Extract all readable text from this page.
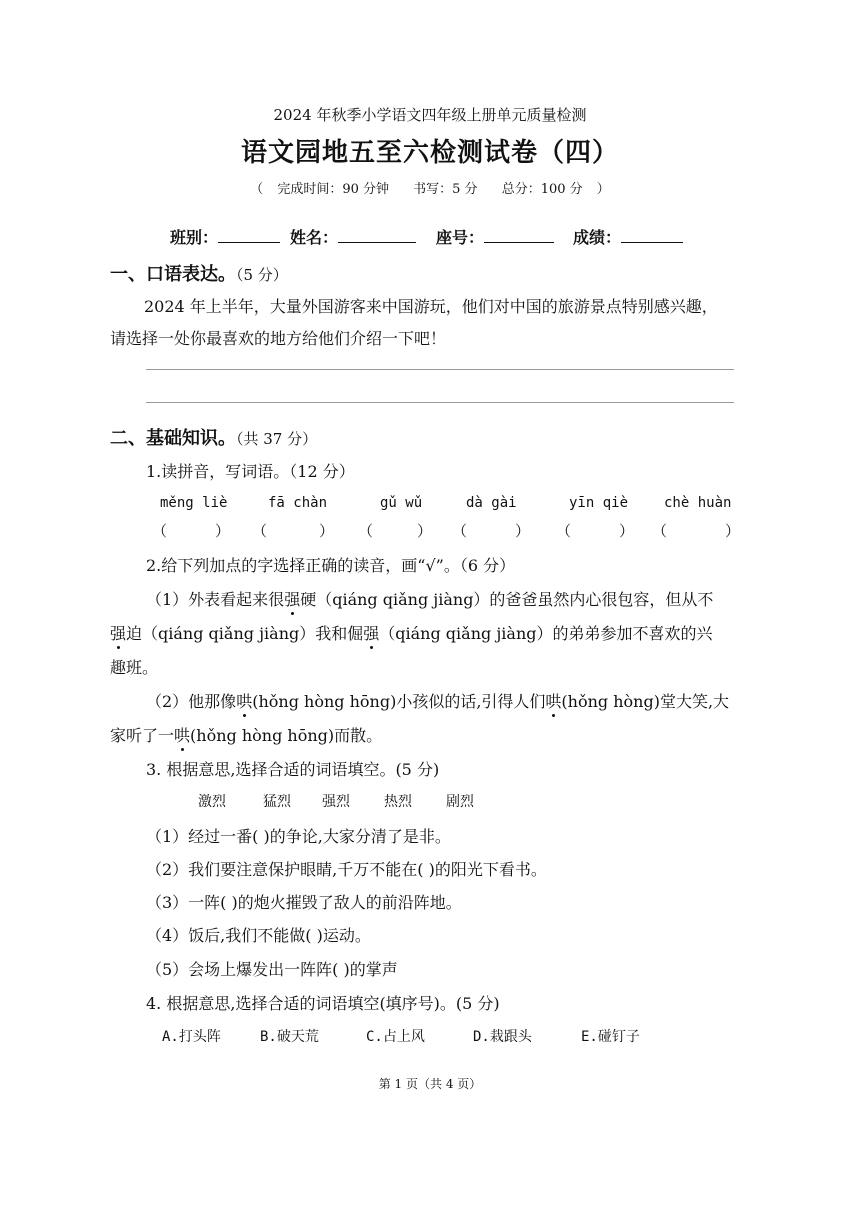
2024 年秋季小学语文四年级上册单元质量检测
语文园地五至六检测试卷（四）
（ 完成时间：90 分钟 书写：5 分 总分：100 分 ）
班别：	姓名：	座号：	成绩：
一、口语表达。（5 分）
2024 年上半年，大量外国游客来中国游玩，他们对中国的旅游景点特别感兴趣，
请选择一处你最喜欢的地方给他们介绍一下吧！
二、基础知识。（共 37 分）
1.读拼音，写词语。（12 分）
měng liè	fā chàn	gǔ wǔ	dà gài	yīn qiè	chè huàn
（	） （	） （	） （	） （	） （	）
2.给下列加点的字选择正确的读音，画“√”。（6 分）
（1）外表看起来很强硬（qiáng qiǎng jiàng）的爸爸虽然内心很包容，但从不
强迫（qiáng qiǎng jiàng）我和倔强（qiáng qiǎng jiàng）的弟弟参加不喜欢的兴
趣班。
（2）他那像哄(hǒng hòng hōng)小孩似的话,引得人们哄(hǒng hòng)堂大笑,大
家听了一哄(hǒng hòng hōng)而散。
3. 根据意思,选择合适的词语填空。(5 分)
激烈	猛烈 强烈 热烈 剧烈
（1）经过一番( )的争论,大家分清了是非。
（2）我们要注意保护眼睛,千万不能在( )的阳光下看书。
（3）一阵( )的炮火摧毁了敌人的前沿阵地。
（4）饭后,我们不能做( )运动。
（5）会场上爆发出一阵阵( )的掌声
4. 根据意思,选择合适的词语填空(填序号)。(5 分)
A.打头阵	B.破天荒	C.占上风	D.栽跟头	E.碰钉子
第 1 页（共 4 页）
